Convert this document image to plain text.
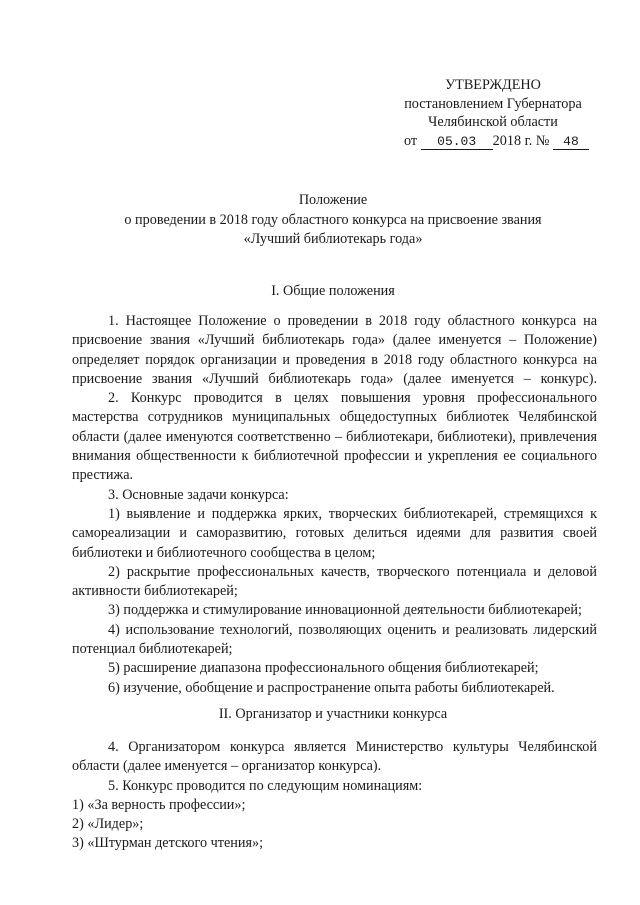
УТВЕРЖДЕНО
постановлением Губернатора
Челябинской области
от 05.03 2018 г. № 48
Положение
о проведении в 2018 году областного конкурса на присвоение звания
«Лучший библиотекарь года»
I. Общие положения

1. Настоящее Положение о проведении в 2018 году областного конкурса на присвоение звания «Лучший библиотекарь года» (далее именуется – Положение) определяет порядок организации и проведения в 2018 году областного конкурса на присвоение звания «Лучший библиотекарь года» (далее именуется – конкурс).

2. Конкурс проводится в целях повышения уровня профессионального мастерства сотрудников муниципальных общедоступных библиотек Челябинской области (далее именуются соответственно – библиотекари, библиотеки), привлечения внимания общественности к библиотечной профессии и укрепления ее социального престижа.

3. Основные задачи конкурса:

1) выявление и поддержка ярких, творческих библиотекарей, стремящихся к самореализации и саморазвитию, готовых делиться идеями для развития своей библиотеки и библиотечного сообщества в целом;

2) раскрытие профессиональных качеств, творческого потенциала и деловой активности библиотекарей;

3) поддержка и стимулирование инновационной деятельности библиотекарей;

4) использование технологий, позволяющих оценить и реализовать лидерский потенциал библиотекарей;

5) расширение диапазона профессионального общения библиотекарей;

6) изучение, обобщение и распространение опыта работы библиотекарей.

II. Организатор и участники конкурса

4. Организатором конкурса является Министерство культуры Челябинской области (далее именуется – организатор конкурса).

5. Конкурс проводится по следующим номинациям:

1) «За верность профессии»;

2) «Лидер»;

3) «Штурман детского чтения»;
